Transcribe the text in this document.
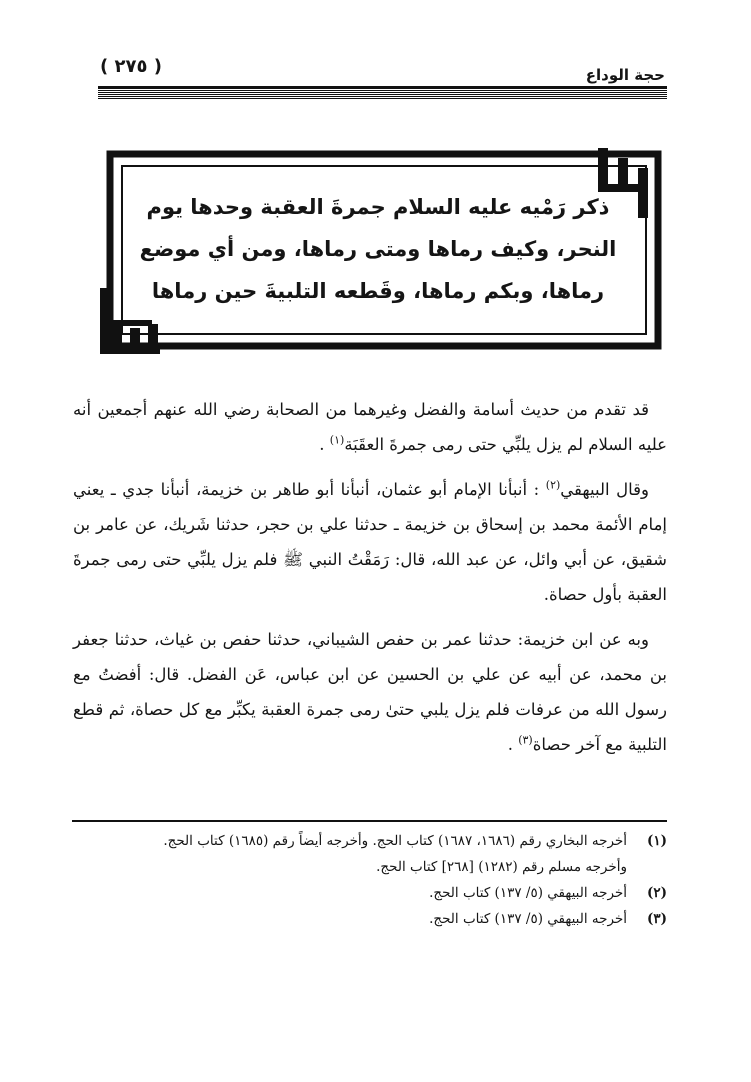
حجة الوداع
( ٢٧٥ )
ذكر رَمْيه عليه السلام جمرةَ العقبة وحدها يوم النحر، وكيف رماها ومتى رماها، ومن أي موضع رماها، وبكم رماها، وقَطعه التلبيةَ حين رماها

قد تقدم من حديث أسامة والفضل وغيرهما من الصحابة رضي الله عنهم أجمعين أنه عليه السلام لم يزل يلبِّي حتى رمى جمرةَ العقَبَة$^{(١)}$ .

وقال البيهقي$^{(٢)}$ : أنبأنا الإمام أبو عثمان، أنبأنا أبو طاهر بن خزيمة، أنبأنا جدي ـ يعني إمام الأئمة محمد بن إسحاق بن خزيمة ـ حدثنا علي بن حجر، حدثنا شَريك، عن عامر بن شقيق، عن أبي وائل، عن عبد الله، قال: رَمَقْتُ النبي ﷺ فلم يزل يلبِّي حتى رمى جمرةَ العقبة بأول حصاة.

وبه عن ابن خزيمة: حدثنا عمر بن حفص الشيباني، حدثنا حفص بن غياث، حدثنا جعفر بن محمد، عن أبيه عن علي بن الحسين عن ابن عباس، عَن الفضل. قال: أفضتُ مع رسول الله من عرفات فلم يزل يلبي حتىٰ رمى جمرة العقبة يكبِّر مع كل حصاة، ثم قطع التلبية مع آخر حصاة$^{(٣)}$ .

(١)
أخرجه البخاري رقم (١٦٨٦، ١٦٨٧) كتاب الحج. وأخرجه أيضاً رقم (١٦٨٥) كتاب الحج.
وأخرجه مسلم رقم (١٢٨٢) [٢٦٨] كتاب الحج.
(٢)
أخرجه البيهقي (٥/ ١٣٧) كتاب الحج.
(٣)
أخرجه البيهقي (٥/ ١٣٧) كتاب الحج.
